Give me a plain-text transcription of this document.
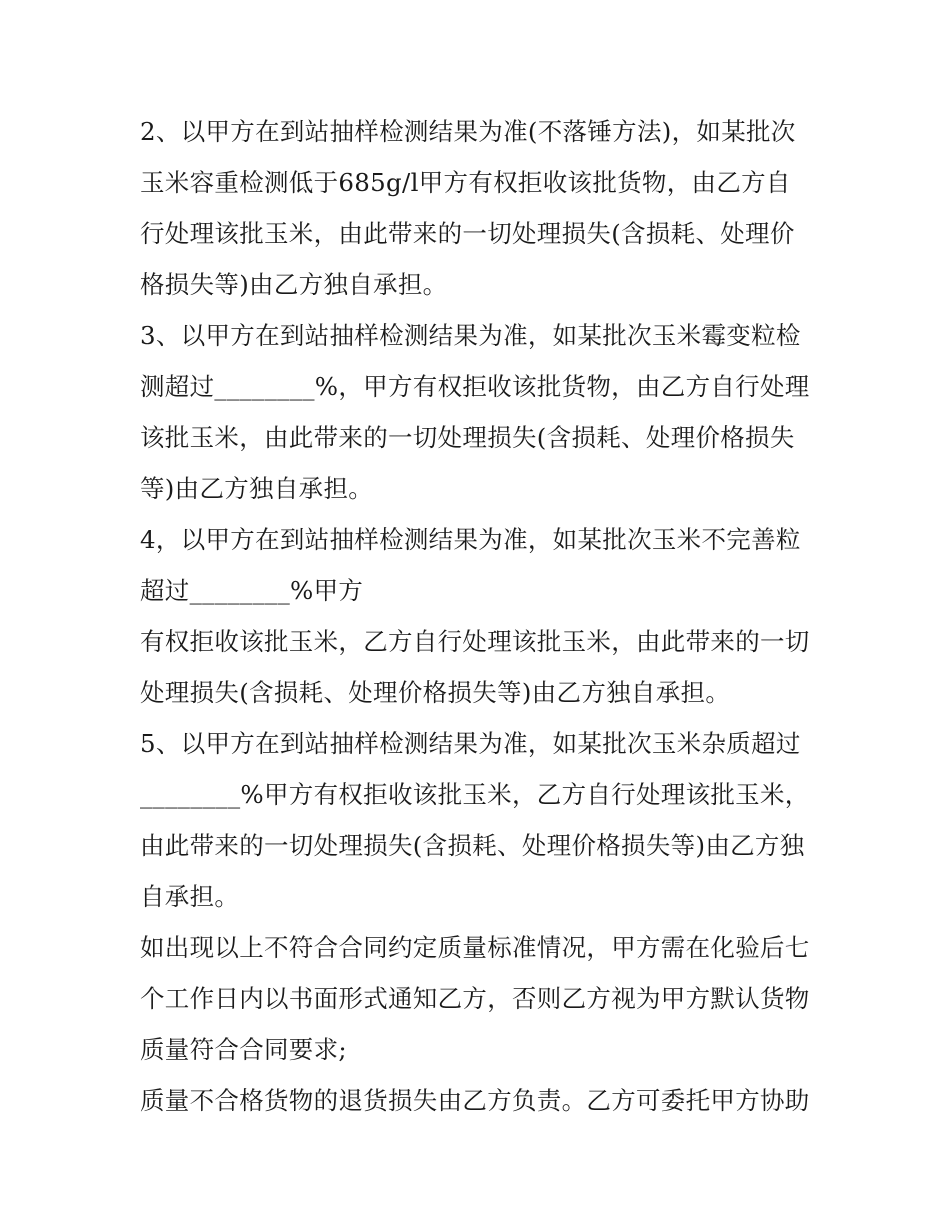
2、以甲方在到站抽样检测结果为准(不落锤方法)，如某批次
玉米容重检测低于685g/l甲方有权拒收该批货物，由乙方自
行处理该批玉米，由此带来的一切处理损失(含损耗、处理价
格损失等)由乙方独自承担。
3、以甲方在到站抽样检测结果为准，如某批次玉米霉变粒检
测超过________%，甲方有权拒收该批货物，由乙方自行处理
该批玉米，由此带来的一切处理损失(含损耗、处理价格损失
等)由乙方独自承担。
4，以甲方在到站抽样检测结果为准，如某批次玉米不完善粒
超过________%甲方
有权拒收该批玉米，乙方自行处理该批玉米，由此带来的一切
处理损失(含损耗、处理价格损失等)由乙方独自承担。
5、以甲方在到站抽样检测结果为准，如某批次玉米杂质超过
________%甲方有权拒收该批玉米，乙方自行处理该批玉米，
由此带来的一切处理损失(含损耗、处理价格损失等)由乙方独
自承担。
如出现以上不符合合同约定质量标准情况，甲方需在化验后七
个工作日内以书面形式通知乙方，否则乙方视为甲方默认货物
质量符合合同要求;
质量不合格货物的退货损失由乙方负责。乙方可委托甲方协助
